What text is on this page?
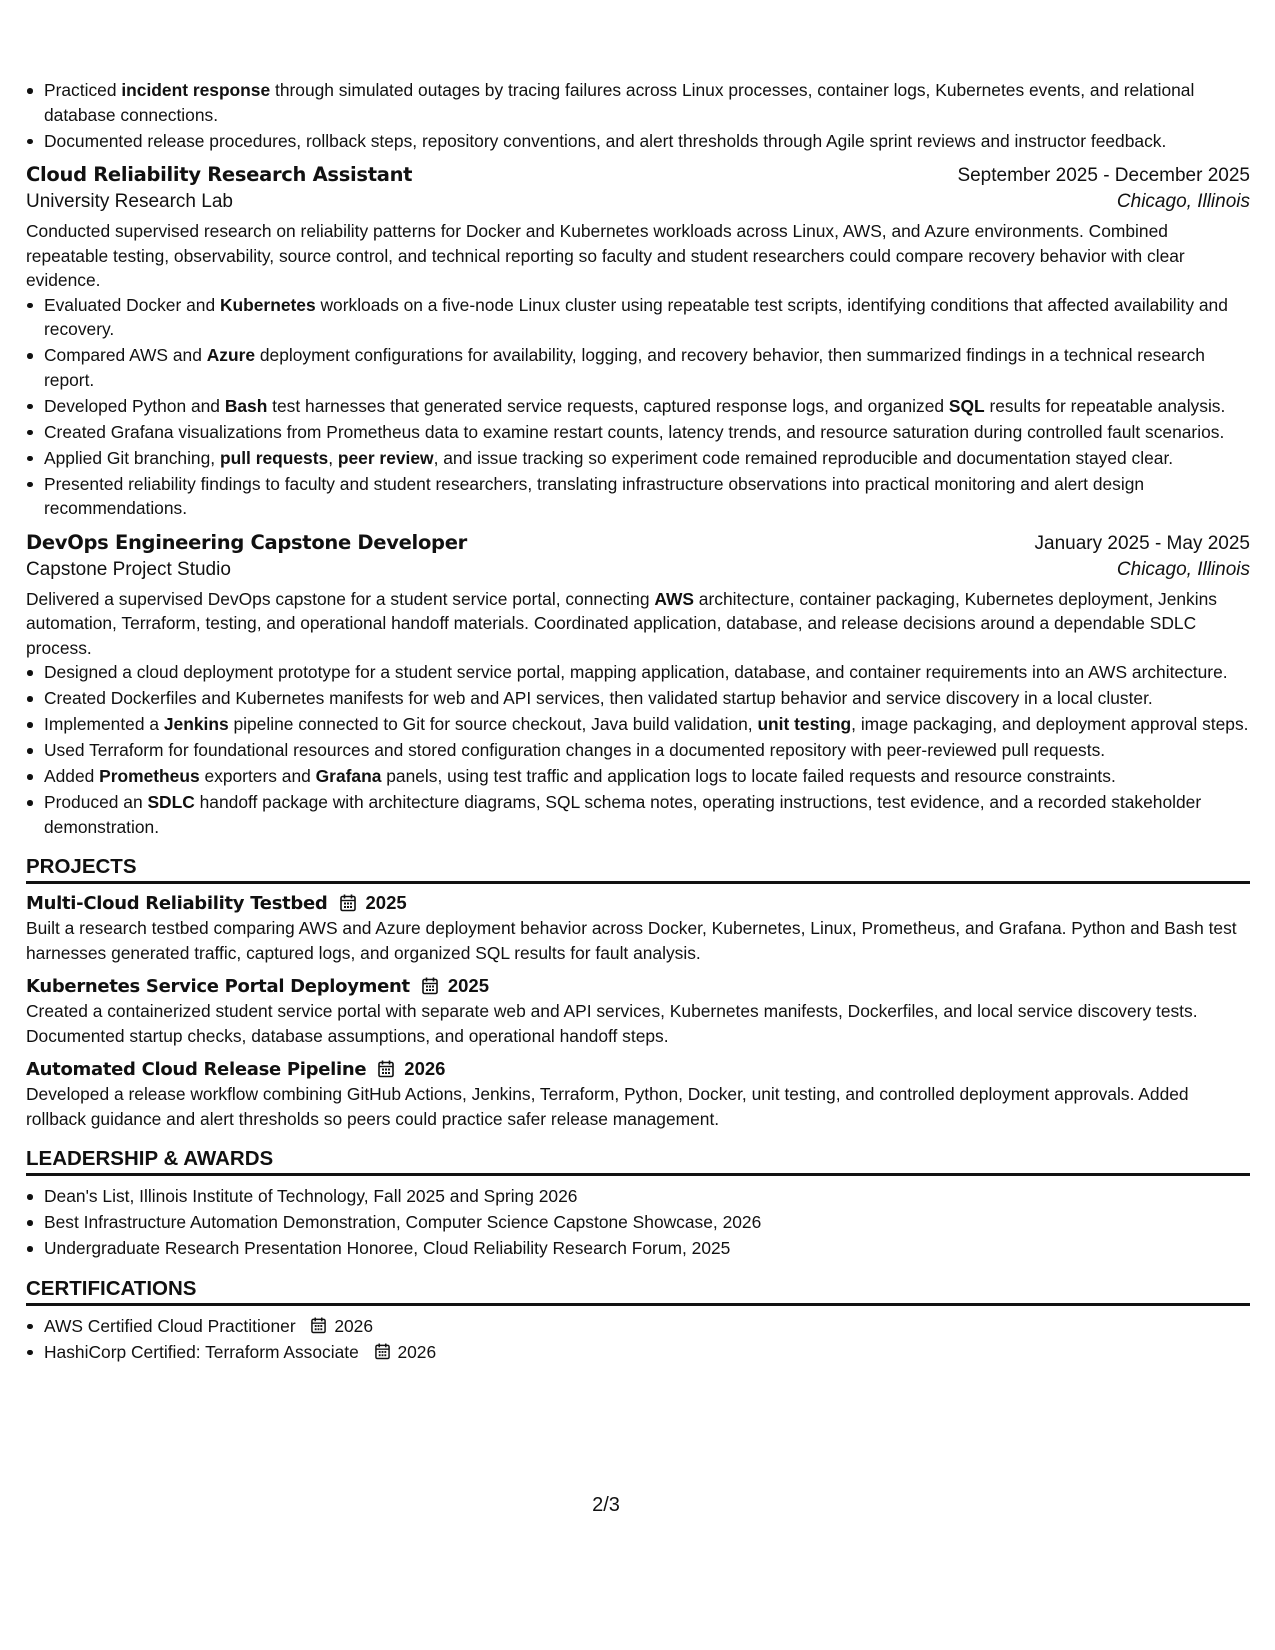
Practiced incident response through simulated outages by tracing failures across Linux processes, container logs, Kubernetes events, and relational database connections.
Documented release procedures, rollback steps, repository conventions, and alert thresholds through Agile sprint reviews and instructor feedback.
Cloud Reliability Research Assistant	September 2025 - December 2025
University Research Lab	Chicago, Illinois

Conducted supervised research on reliability patterns for Docker and Kubernetes workloads across Linux, AWS, and Azure environments. Combined repeatable testing, observability, source control, and technical reporting so faculty and student researchers could compare recovery behavior with clear evidence.

Evaluated Docker and Kubernetes workloads on a five-node Linux cluster using repeatable test scripts, identifying conditions that affected availability and recovery.
Compared AWS and Azure deployment configurations for availability, logging, and recovery behavior, then summarized findings in a technical research report.
Developed Python and Bash test harnesses that generated service requests, captured response logs, and organized SQL results for repeatable analysis.
Created Grafana visualizations from Prometheus data to examine restart counts, latency trends, and resource saturation during controlled fault scenarios.
Applied Git branching, pull requests, peer review, and issue tracking so experiment code remained reproducible and documentation stayed clear.
Presented reliability findings to faculty and student researchers, translating infrastructure observations into practical monitoring and alert design recommendations.
DevOps Engineering Capstone Developer	January 2025 - May 2025
Capstone Project Studio	Chicago, Illinois

Delivered a supervised DevOps capstone for a student service portal, connecting AWS architecture, container packaging, Kubernetes deployment, Jenkins automation, Terraform, testing, and operational handoff materials. Coordinated application, database, and release decisions around a dependable SDLC process.

Designed a cloud deployment prototype for a student service portal, mapping application, database, and container requirements into an AWS architecture.
Created Dockerfiles and Kubernetes manifests for web and API services, then validated startup behavior and service discovery in a local cluster.
Implemented a Jenkins pipeline connected to Git for source checkout, Java build validation, unit testing, image packaging, and deployment approval steps.
Used Terraform for foundational resources and stored configuration changes in a documented repository with peer-reviewed pull requests.
Added Prometheus exporters and Grafana panels, using test traffic and application logs to locate failed requests and resource constraints.
Produced an SDLC handoff package with architecture diagrams, SQL schema notes, operating instructions, test evidence, and a recorded stakeholder demonstration.
PROJECTS
Multi-Cloud Reliability Testbed 2025

Built a research testbed comparing AWS and Azure deployment behavior across Docker, Kubernetes, Linux, Prometheus, and Grafana. Python and Bash test harnesses generated traffic, captured logs, and organized SQL results for fault analysis.

Kubernetes Service Portal Deployment 2025

Created a containerized student service portal with separate web and API services, Kubernetes manifests, Dockerfiles, and local service discovery tests. Documented startup checks, database assumptions, and operational handoff steps.

Automated Cloud Release Pipeline 2026

Developed a release workflow combining GitHub Actions, Jenkins, Terraform, Python, Docker, unit testing, and controlled deployment approvals. Added rollback guidance and alert thresholds so peers could practice safer release management.

LEADERSHIP & AWARDS
Dean's List, Illinois Institute of Technology, Fall 2025 and Spring 2026
Best Infrastructure Automation Demonstration, Computer Science Capstone Showcase, 2026
Undergraduate Research Presentation Honoree, Cloud Reliability Research Forum, 2025
CERTIFICATIONS
AWS Certified Cloud Practitioner 2026
HashiCorp Certified: Terraform Associate 2026
2/3
